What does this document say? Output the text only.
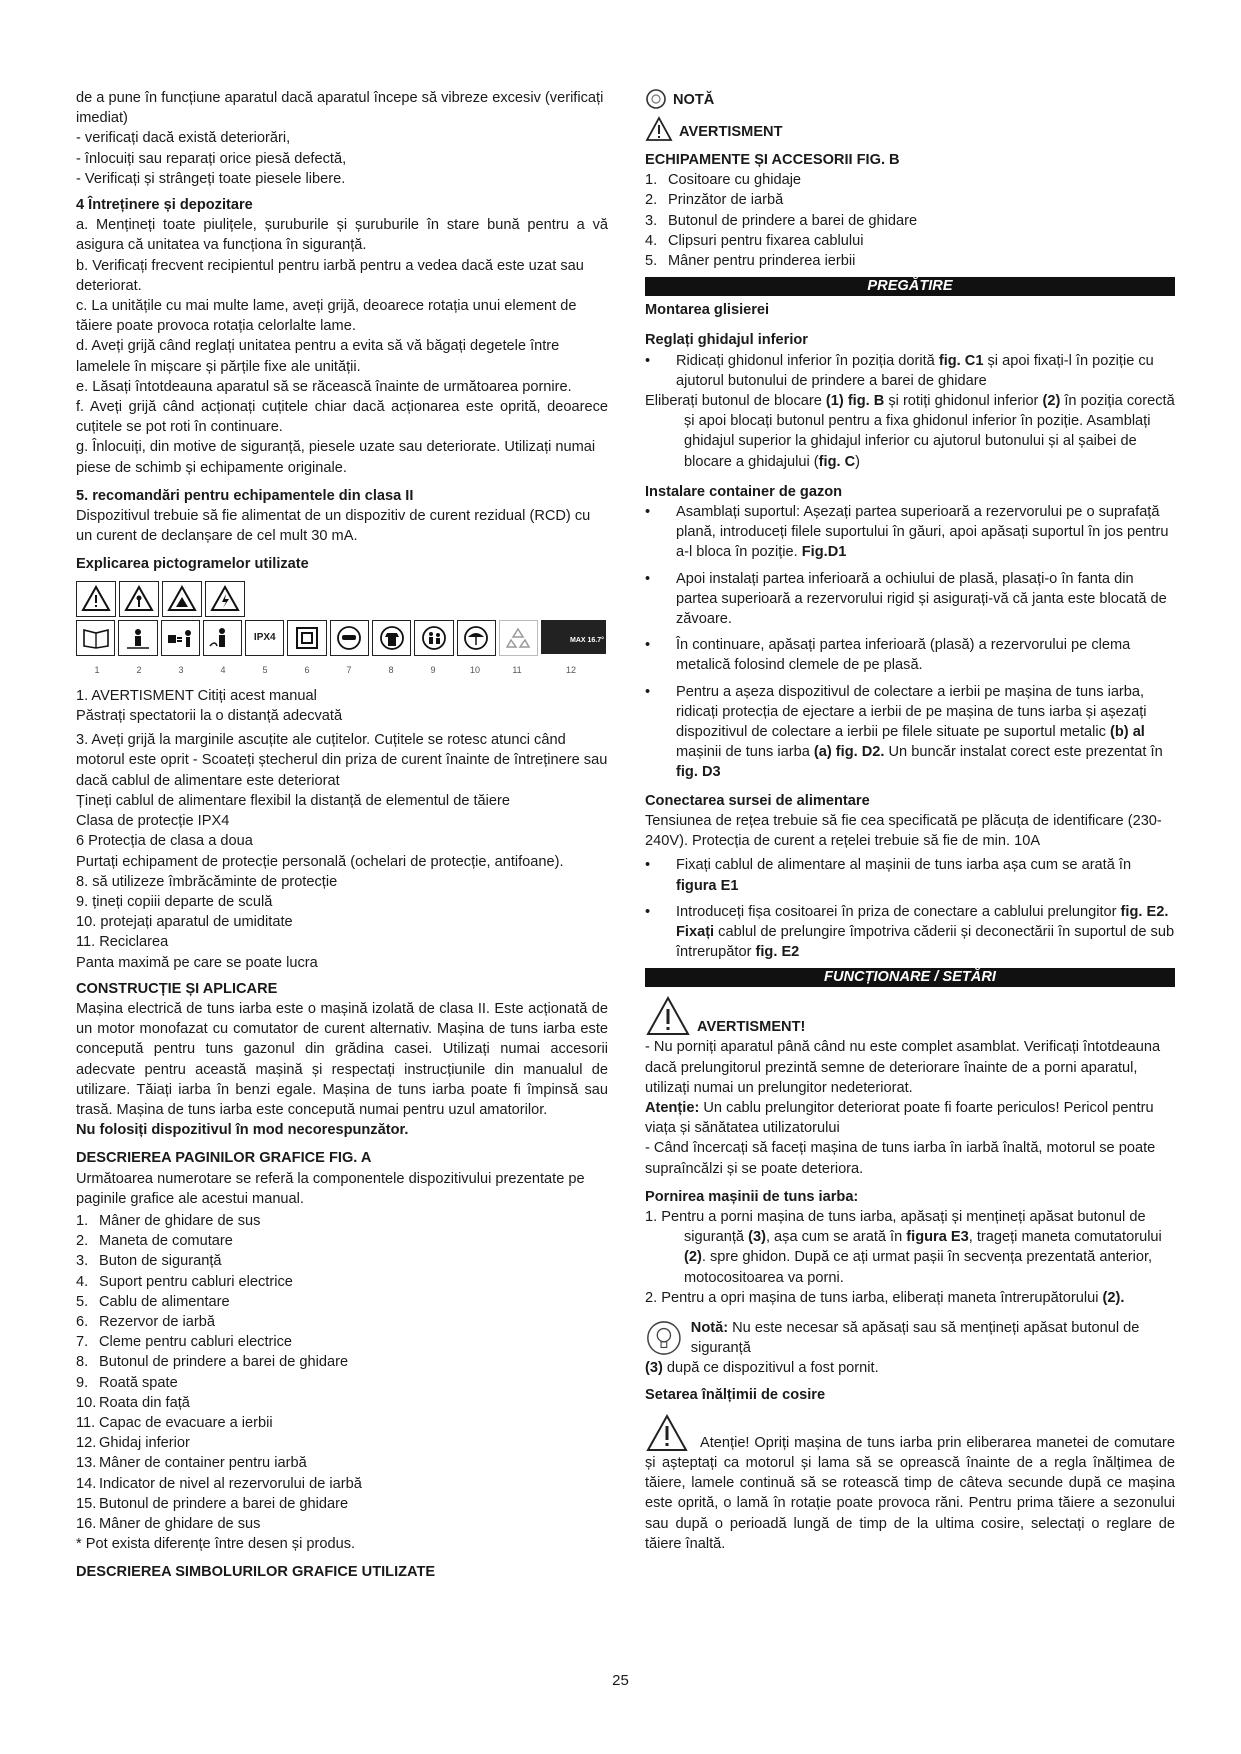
de a pune în funcțiune aparatul dacă aparatul începe să vibreze excesiv (verificați imediat)

- verificați dacă există deteriorări,

- înlocuiți sau reparați orice piesă defectă,

- Verificați și strângeți toate piesele libere.

4 Întreținere și depozitare

a. Mențineți toate piulițele, șuruburile și șuruburile în stare bună pentru a vă asigura că unitatea va funcționa în siguranță.

b. Verificați frecvent recipientul pentru iarbă pentru a vedea dacă este uzat sau deteriorat.

c. La unitățile cu mai multe lame, aveți grijă, deoarece rotația unui element de tăiere poate provoca rotația celorlalte lame.

d. Aveți grijă când reglați unitatea pentru a evita să vă băgați degetele între lamelele în mișcare și părțile fixe ale unității.

e. Lăsați întotdeauna aparatul să se răcească înainte de următoarea pornire.

f. Aveți grijă când acționați cuțitele chiar dacă acționarea este oprită, deoarece cuțitele se pot roti în continuare.

g. Înlocuiți, din motive de siguranță, piesele uzate sau deteriorate. Utilizați numai piese de schimb și echipamente originale.

5. recomandări pentru echipamentele din clasa II

Dispozitivul trebuie să fie alimentat de un dispozitiv de curent rezidual (RCD) cu un curent de declanșare de cel mult 30 mA.

Explicarea pictogramelor utilizate

IPX4	MAX 16.7°
1	2	3	4	5	6	7	8	9	10	11	12

1. AVERTISMENT Citiți acest manual

Păstrați spectatorii la o distanță adecvată

3. Aveți grijă la marginile ascuțite ale cuțitelor. Cuțitele se rotesc atunci când motorul este oprit - Scoateți ștecherul din priza de curent înainte de întreținere sau dacă cablul de alimentare este deteriorat

Țineți cablul de alimentare flexibil la distanță de elementul de tăiere

Clasa de protecție IPX4

6 Protecția de clasa a doua

Purtați echipament de protecție personală (ochelari de protecție, antifoane).

8. să utilizeze îmbrăcăminte de protecție

9. țineți copiii departe de sculă

10. protejați aparatul de umiditate

11. Reciclarea

Panta maximă pe care se poate lucra

CONSTRUCȚIE ȘI APLICARE

Mașina electrică de tuns iarba este o mașină izolată de clasa II. Este acționată de un motor monofazat cu comutator de curent alternativ. Mașina de tuns iarba este concepută pentru tuns gazonul din grădina casei. Utilizați numai accesorii adecvate pentru această mașină și respectați instrucțiunile din manualul de utilizare. Tăiați iarba în benzi egale. Mașina de tuns iarba poate fi împinsă sau trasă. Mașina de tuns iarba este concepută numai pentru uzul amatorilor.

Nu folosiți dispozitivul în mod necorespunzător.

DESCRIEREA PAGINILOR GRAFICE FIG. A

Următoarea numerotare se referă la componentele dispozitivului prezentate pe paginile grafice ale acestui manual.

1. Mâner de ghidare de sus
2. Maneta de comutare
3. Buton de siguranță
4. Suport pentru cabluri electrice
5. Cablu de alimentare
6. Rezervor de iarbă
7. Cleme pentru cabluri electrice
8. Butonul de prindere a barei de ghidare
9. Roată spate
10. Roata din față
11. Capac de evacuare a ierbii
12. Ghidaj inferior
13. Mâner de container pentru iarbă
14. Indicator de nivel al rezervorului de iarbă
15. Butonul de prindere a barei de ghidare
16. Mâner de ghidare de sus

* Pot exista diferențe între desen și produs.

DESCRIEREA SIMBOLURILOR GRAFICE UTILIZATE

NOTĂ
AVERTISMENT

ECHIPAMENTE ȘI ACCESORII FIG. B

1. Cositoare cu ghidaje
2. Prinzător de iarbă
3. Butonul de prindere a barei de ghidare
4. Clipsuri pentru fixarea cablului
5. Mâner pentru prinderea ierbii
PREGĂTIRE

Montarea glisierei

Reglați ghidajul inferior

• Ridicați ghidonul inferior în poziția dorită fig. C1 și apoi fixați-l în poziție cu ajutorul butonului de prindere a barei de ghidare

Eliberați butonul de blocare (1) fig. B și rotiți ghidonul inferior (2) în poziția corectă și apoi blocați butonul pentru a fixa ghidonul inferior în poziție. Asamblați ghidajul superior la ghidajul inferior cu ajutorul butonului și al șaibei de blocare a ghidajului (fig. C)

Instalare container de gazon

• Asamblați suportul: Așezați partea superioară a rezervorului pe o suprafață plană, introduceți filele suportului în găuri, apoi apăsați suportul în jos pentru a-l bloca în poziție. Fig.D1
• Apoi instalați partea inferioară a ochiului de plasă, plasați-o în fanta din partea superioară a rezervorului rigid și asigurați-vă că janta este blocată de zăvoare.
• În continuare, apăsați partea inferioară (plasă) a rezervorului pe clema metalică folosind clemele de pe plasă.
• Pentru a așeza dispozitivul de colectare a ierbii pe mașina de tuns iarba, ridicați protecția de ejectare a ierbii de pe mașina de tuns iarba și așezați dispozitivul de colectare a ierbii pe filele situate pe suportul metalic (b) al mașinii de tuns iarba (a) fig. D2. Un buncăr instalat corect este prezentat în fig. D3

Conectarea sursei de alimentare

Tensiunea de rețea trebuie să fie cea specificată pe plăcuța de identificare (230-240V). Protecția de curent a rețelei trebuie să fie de min. 10A

• Fixați cablul de alimentare al mașinii de tuns iarba așa cum se arată în figura E1
• Introduceți fișa cositoarei în priza de conectare a cablului prelungitor fig. E2. Fixați cablul de prelungire împotriva căderii și deconectării în suportul de sub întrerupător fig. E2
FUNCȚIONARE / SETĂRI
AVERTISMENT!

- Nu porniți aparatul până când nu este complet asamblat. Verificați întotdeauna dacă prelungitorul prezintă semne de deteriorare înainte de a porni aparatul, utilizați numai un prelungitor nedeteriorat.

Atenție: Un cablu prelungitor deteriorat poate fi foarte periculos! Pericol pentru viața și sănătatea utilizatorului

- Când încercați să faceți mașina de tuns iarba în iarbă înaltă, motorul se poate supraîncălzi și se poate deteriora.

Pornirea mașinii de tuns iarba:

1. Pentru a porni mașina de tuns iarba, apăsați și mențineți apăsat butonul de siguranță (3), așa cum se arată în figura E3, trageți maneta comutatorului (2). spre ghidon. După ce ați urmat pașii în secvența prezentată anterior, motocositoarea va porni.

2. Pentru a opri mașina de tuns iarba, eliberați maneta întrerupătorului (2).

Notă: Nu este necesar să apăsați sau să mențineți apăsat butonul de siguranță

(3) după ce dispozitivul a fost pornit.

Setarea înălțimii de cosire

Atenție! Opriți mașina de tuns iarba prin eliberarea manetei de comutare și așteptați ca motorul și lama să se oprească înainte de a regla înălțimea de tăiere, lamele continuă să se rotească timp de câteva secunde după ce mașina este oprită, o lamă în rotație poate provoca răni. Pentru prima tăiere a sezonului sau după o perioadă lungă de timp de la ultima cosire, selectați o reglare de tăiere înaltă.

25
